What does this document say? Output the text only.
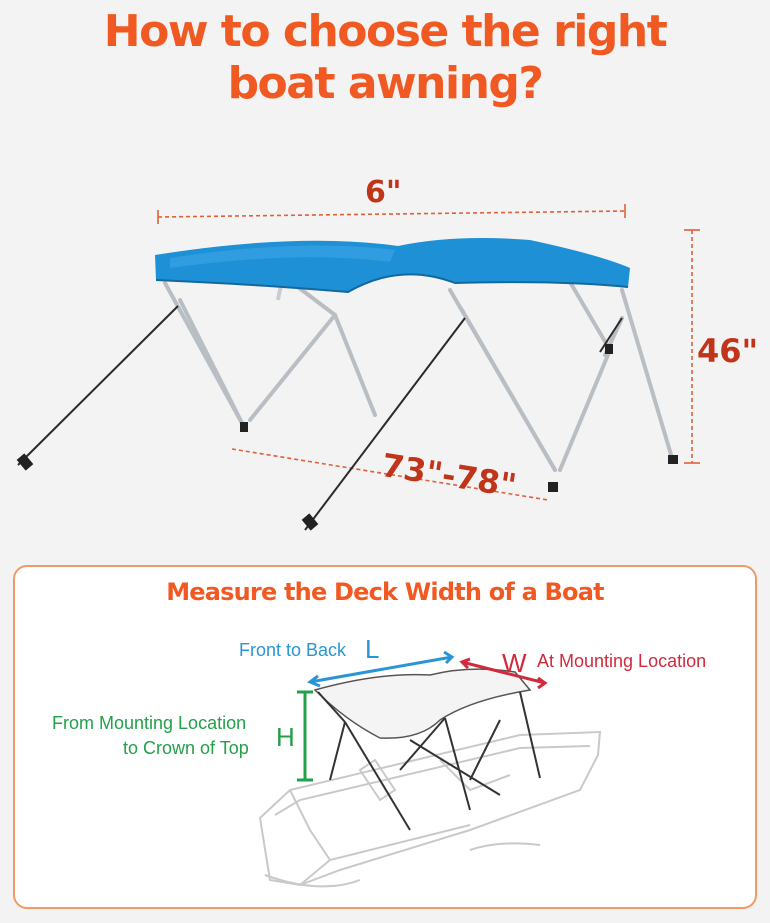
How to choose the right
boat awning?
6"
46"
73"-78"
Measure the Deck Width of a Boat
Front to Back L	W At Mounting Location
From Mounting Location
to Crown of Top H
